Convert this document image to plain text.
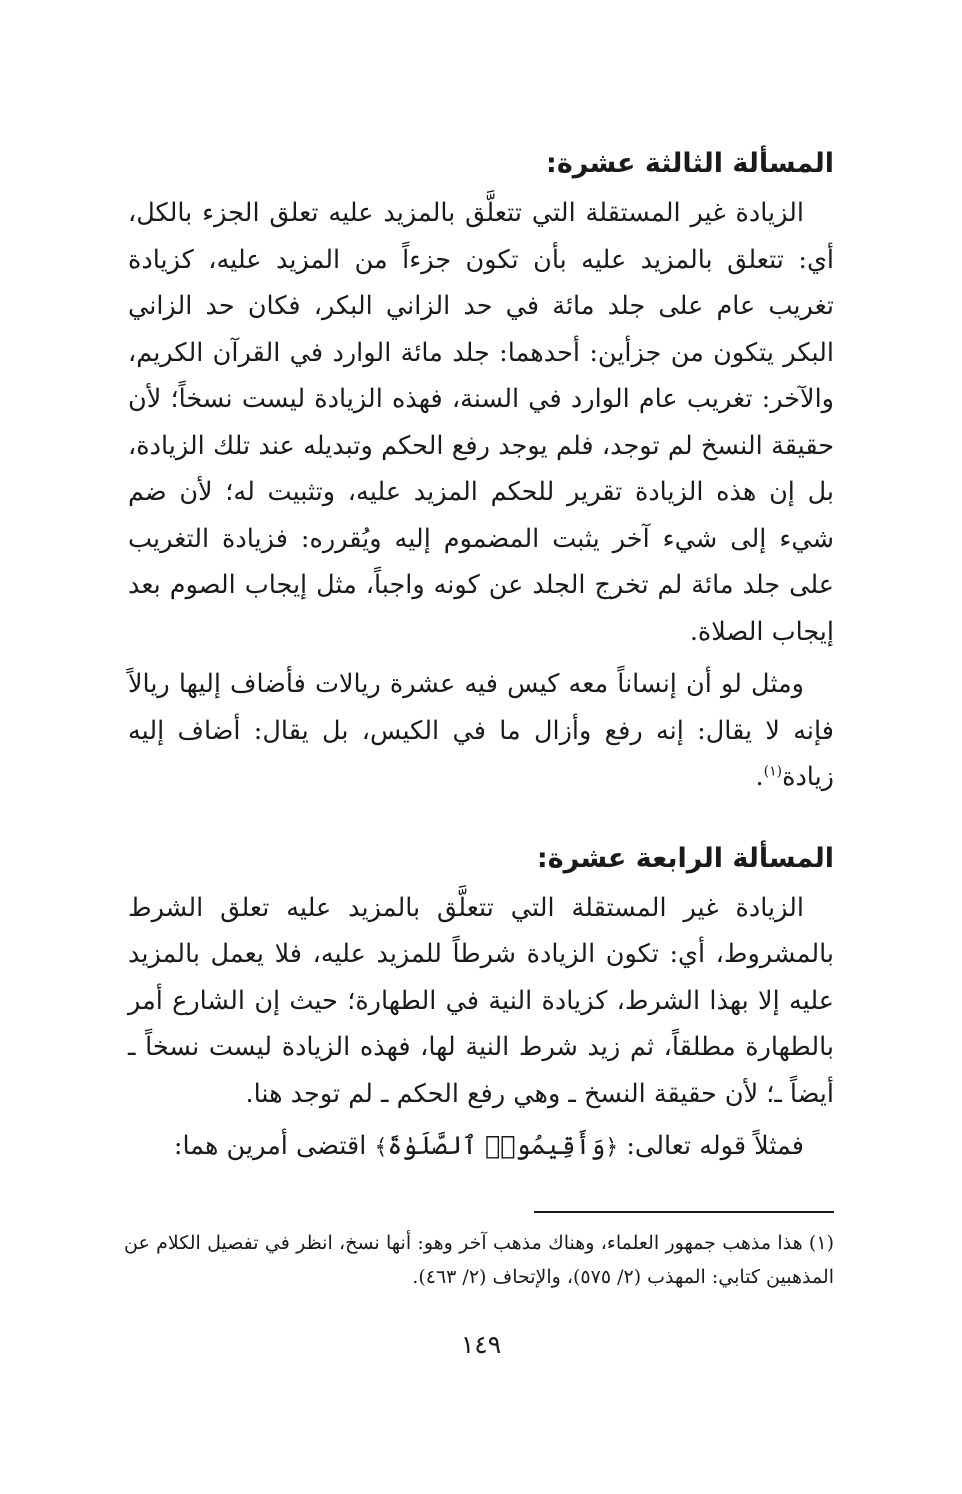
المسألة الثالثة عشرة:

الزيادة غير المستقلة التي تتعلَّق بالمزيد عليه تعلق الجزء بالكل، أي: تتعلق بالمزيد عليه بأن تكون جزءاً من المزيد عليه، كزيادة تغريب عام على جلد مائة في حد الزاني البكر، فكان حد الزاني البكر يتكون من جزأين: أحدهما: جلد مائة الوارد في القرآن الكريم، والآخر: تغريب عام الوارد في السنة، فهذه الزيادة ليست نسخاً؛ لأن حقيقة النسخ لم توجد، فلم يوجد رفع الحكم وتبديله عند تلك الزيادة، بل إن هذه الزيادة تقرير للحكم المزيد عليه، وتثبيت له؛ لأن ضم شيء إلى شيء آخر يثبت المضموم إليه ويُقرره: فزيادة التغريب على جلد مائة لم تخرج الجلد عن كونه واجباً، مثل إيجاب الصوم بعد إيجاب الصلاة.

ومثل لو أن إنساناً معه كيس فيه عشرة ريالات فأضاف إليها ريالاً فإنه لا يقال: إنه رفع وأزال ما في الكيس، بل يقال: أضاف إليه زيادة$^{(١)}$.

المسألة الرابعة عشرة:

الزيادة غير المستقلة التي تتعلَّق بالمزيد عليه تعلق الشرط بالمشروط، أي: تكون الزيادة شرطاً للمزيد عليه، فلا يعمل بالمزيد عليه إلا بهذا الشرط، كزيادة النية في الطهارة؛ حيث إن الشارع أمر بالطهارة مطلقاً، ثم زيد شرط النية لها، فهذه الزيادة ليست نسخاً ـ أيضاً ـ؛ لأن حقيقة النسخ ـ وهي رفع الحكم ـ لم توجد هنا.

فمثلاً قوله تعالى: ﴿وَأَقِيمُوا۟ ٱلصَّلَوٰةَ﴾ اقتضى أمرين هما:

(١) هذا مذهب جمهور العلماء، وهناك مذهب آخر وهو: أنها نسخ، انظر في تفصيل الكلام عن المذهبين كتابي: المهذب (٢/ ٥٧٥)، والإتحاف (٢/ ٤٦٣).
١٤٩
